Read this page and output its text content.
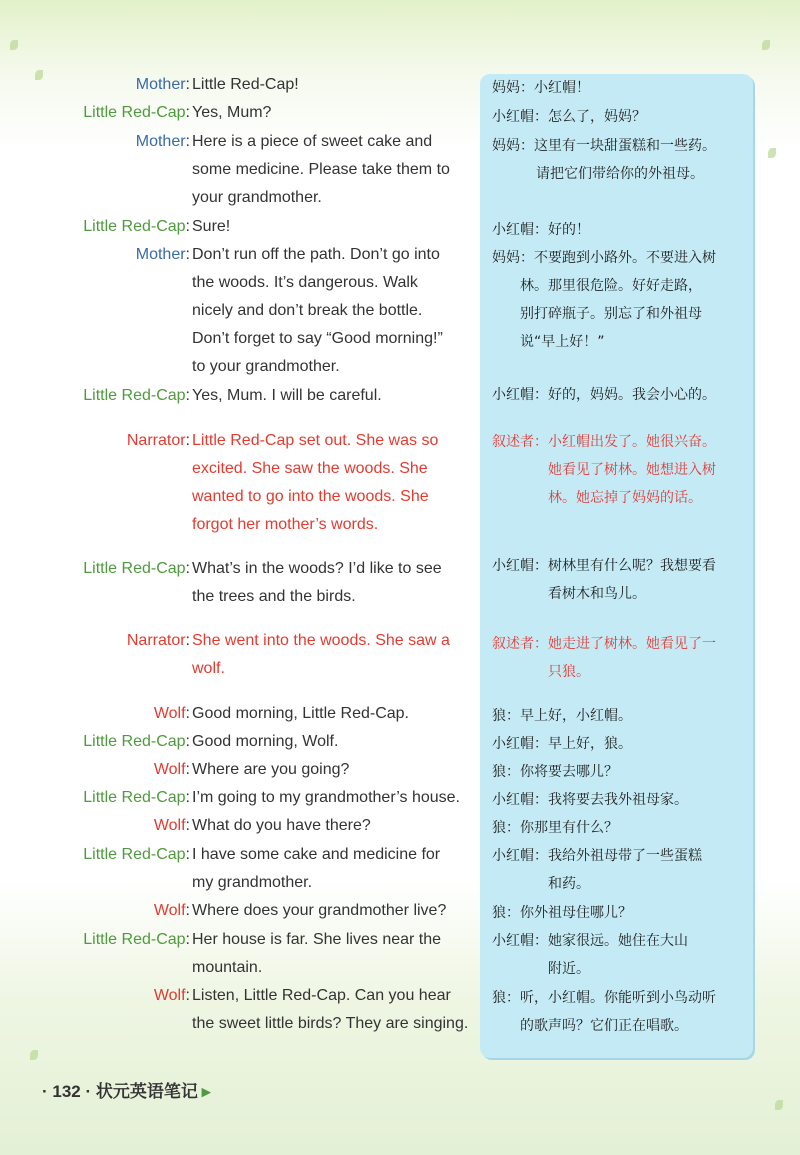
Mother: Little Red-Cap!
Little Red-Cap: Yes, Mum?
Mother: Here is a piece of sweet cake and
some medicine. Please take them to
your grandmother.
Little Red-Cap: Sure!
Mother: Don’t run off the path. Don’t go into
the woods. It’s dangerous. Walk
nicely and don’t break the bottle.
Don’t forget to say “Good morning!”
to your grandmother.
Little Red-Cap: Yes, Mum. I will be careful.
Narrator: Little Red-Cap set out. She was so
excited. She saw the woods. She
wanted to go into the woods. She
forgot her mother’s words.
Little Red-Cap: What’s in the woods? I’d like to see
the trees and the birds.
Narrator: She went into the woods. She saw a
wolf.
Wolf: Good morning, Little Red-Cap.
Little Red-Cap: Good morning, Wolf.
Wolf: Where are you going?
Little Red-Cap: I’m going to my grandmother’s house.
Wolf: What do you have there?
Little Red-Cap: I have some cake and medicine for
my grandmother.
Wolf: Where does your grandmother live?
Little Red-Cap: Her house is far. She lives near the
mountain.
Wolf: Listen, Little Red-Cap. Can you hear
the sweet little birds? They are singing.

妈妈：小红帽！

小红帽：怎么了，妈妈？

妈妈：这里有一块甜蛋糕和一些药。

请把它们带给你的外祖母。

小红帽：好的！

妈妈：不要跑到小路外。不要进入树

林。那里很危险。好好走路，

别打碎瓶子。别忘了和外祖母

说“早上好！”

小红帽：好的，妈妈。我会小心的。

叙述者：小红帽出发了。她很兴奋。

她看见了树林。她想进入树

林。她忘掉了妈妈的话。

小红帽：树林里有什么呢？我想要看

看树木和鸟儿。

叙述者：她走进了树林。她看见了一

只狼。

狼：早上好，小红帽。

小红帽：早上好，狼。

狼：你将要去哪儿？

小红帽：我将要去我外祖母家。

狼：你那里有什么？

小红帽：我给外祖母带了一些蛋糕

和药。

狼：你外祖母住哪儿？

小红帽：她家很远。她住在大山

附近。

狼：听，小红帽。你能听到小鸟动听

的歌声吗？它们正在唱歌。

· 132 · 状元英语笔记 ▸
